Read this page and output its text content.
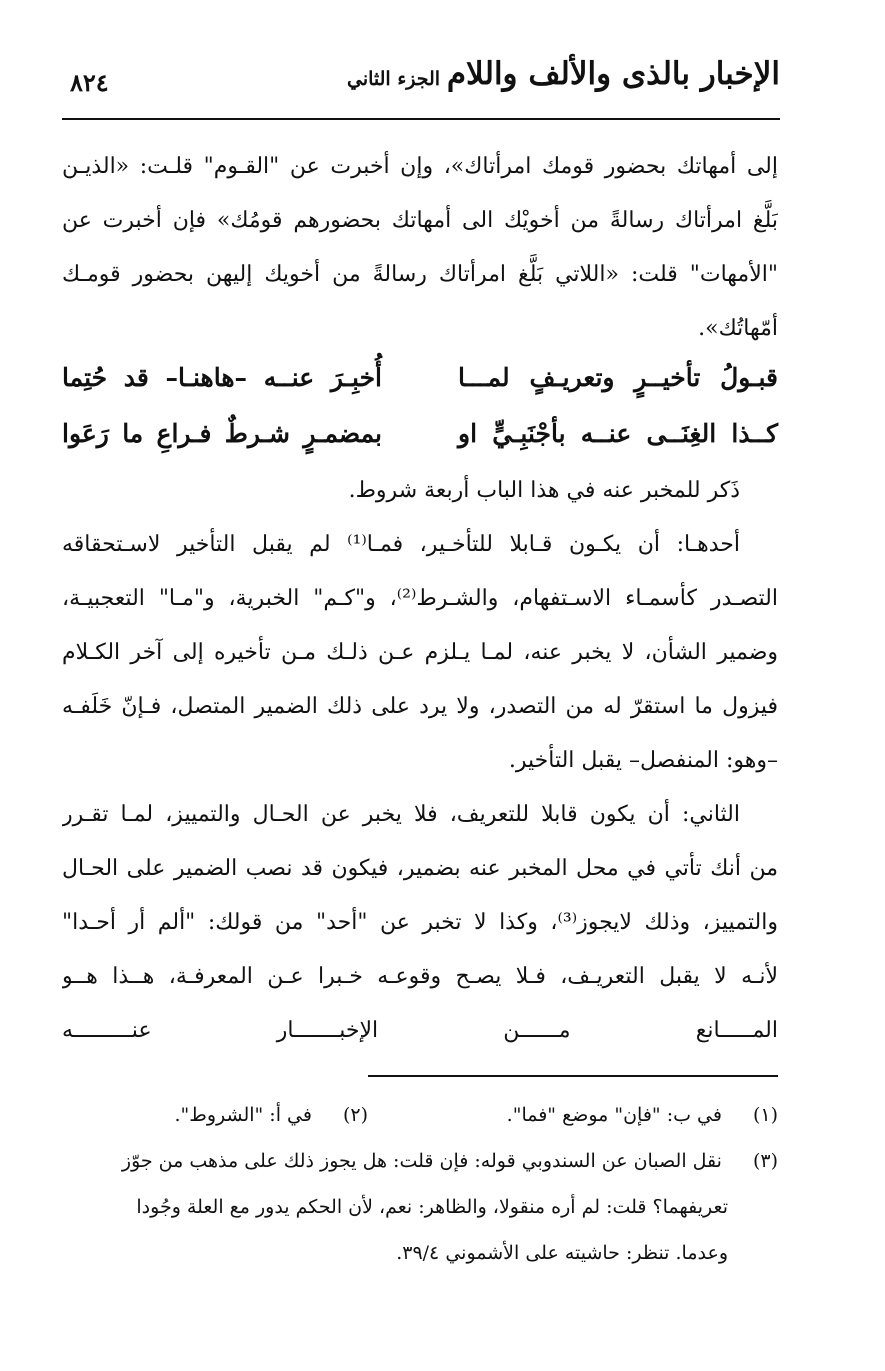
الإخبار بالذى والألف واللام
الجزء الثاني
٨٢٤
إلى أمهاتك بحضور قومك امرأتاك»، وإن أخبرت عن "القـوم" قلـت: «الذيـن
بَلَّغ امرأتاك رسالةً من أخويْك الى أمهاتك بحضورهم قومُك» فإن أخبرت عن
"الأمهات" قلت: «اللاتي بَلَّغ امرأتاك رسالةً من أخويك إليهن بحضور قومـك
أمّهاتُك».
قبـولُ تأخيــرٍ وتعريـفٍ لمـــا
أُخبِـرَ عنــه –هاهنـا– قد حُتِما
كــذا الغِنَــى عنــه بأجْنَبِـيٍّ او
بمضمـرٍ شـرطٌ فـراعِ ما رَعَوا
ذَكر للمخبر عنه في هذا الباب أربعة شروط.
أحدهـا: أن يكـون قـابلا للتأخـير، فمـا⁽¹⁾ لم يقبل التأخير لاسـتحقاقه
التصـدر كأسمـاء الاسـتفهام، والشـرط⁽²⁾، و"كـم" الخبرية، و"مـا" التعجبيـة،
وضمير الشأن، لا يخبر عنه، لمـا يـلزم عـن ذلـك مـن تأخيره إلى آخر الكـلام
فيزول ما استقرّ له من التصدر، ولا يرد على ذلك الضمير المتصل، فـإنّ خَلَفـه
–وهو: المنفصل– يقبل التأخير.
الثاني: أن يكون قابلا للتعريف، فلا يخبر عن الحـال والتمييز، لمـا تقـرر
من أنك تأتي في محل المخبر عنه بضمير، فيكون قد نصب الضمير على الحـال
والتمييز، وذلك لايجوز⁽³⁾، وكذا لا تخبر عن "أحد" من قولك: "ألم أر أحـدا"
لأنـه لا يقبل التعريـف، فـلا يصـح وقوعـه خـبرا عـن المعرفـة، هــذا هــو
المـــــانع مــــــن الإخبـــــــار عنـــــــــه
(١) في ب: "فإن" موضع "فما".
(٢) في أ: "الشروط".
(٣) نقل الصبان عن السندوبي قوله: فإن قلت: هل يجوز ذلك على مذهب من جوّز
تعريفهما؟ قلت: لم أره منقولا، والظاهر: نعم، لأن الحكم يدور مع العلة وجُودا
وعدما. تنظر: حاشيته على الأشموني ٣٩/٤.
